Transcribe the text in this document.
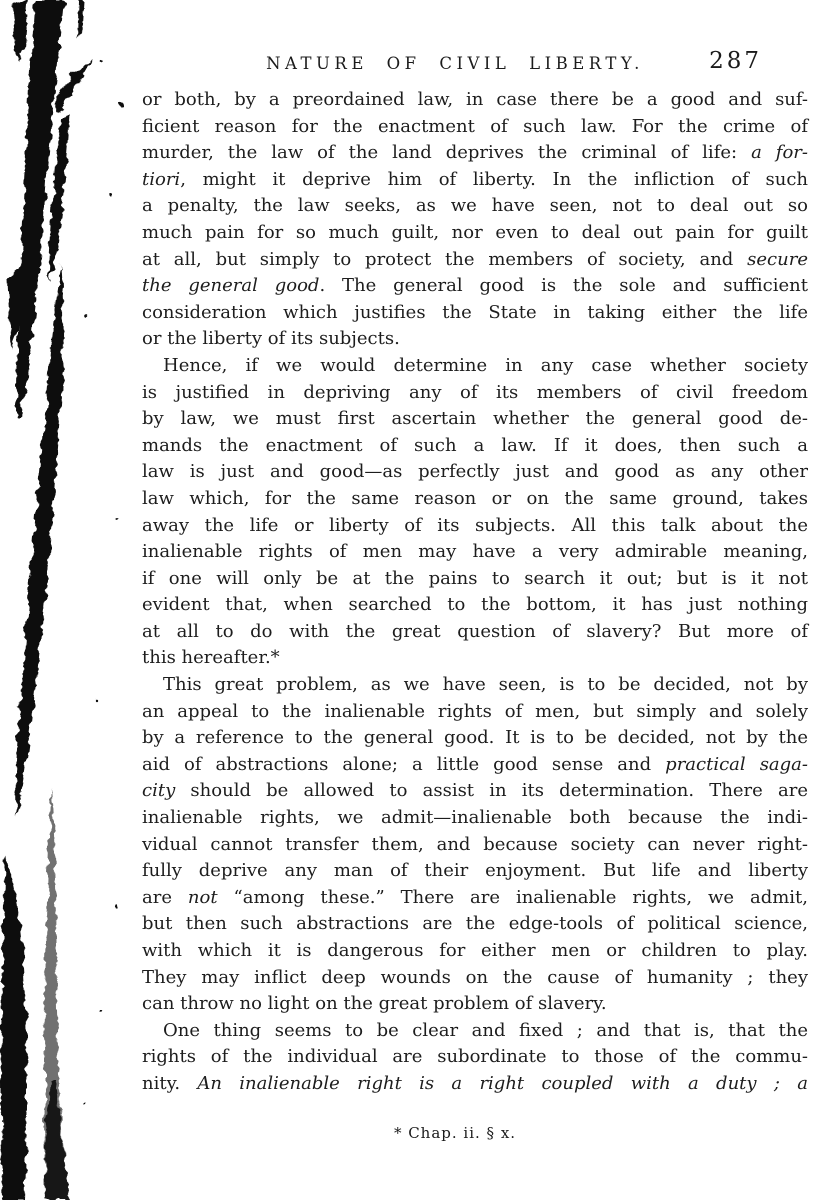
NATURE OF CIVIL LIBERTY.	287
or both, by a preordained law, in case there be a good and suf-
ficient reason for the enactment of such law. For the crime of
murder, the law of the land deprives the criminal of life: a for-
tiori, might it deprive him of liberty. In the infliction of such
a penalty, the law seeks, as we have seen, not to deal out so
much pain for so much guilt, nor even to deal out pain for guilt
at all, but simply to protect the members of society, and secure
the general good. The general good is the sole and sufficient
consideration which justifies the State in taking either the life
or the liberty of its subjects.
Hence, if we would determine in any case whether society
is justified in depriving any of its members of civil freedom
by law, we must first ascertain whether the general good de-
mands the enactment of such a law. If it does, then such a
law is just and good—as perfectly just and good as any other
law which, for the same reason or on the same ground, takes
away the life or liberty of its subjects. All this talk about the
inalienable rights of men may have a very admirable meaning,
if one will only be at the pains to search it out; but is it not
evident that, when searched to the bottom, it has just nothing
at all to do with the great question of slavery? But more of
this hereafter.*
This great problem, as we have seen, is to be decided, not by
an appeal to the inalienable rights of men, but simply and solely
by a reference to the general good. It is to be decided, not by the
aid of abstractions alone; a little good sense and practical saga-
city should be allowed to assist in its determination. There are
inalienable rights, we admit—inalienable both because the indi-
vidual cannot transfer them, and because society can never right-
fully deprive any man of their enjoyment. But life and liberty
are not “among these.” There are inalienable rights, we admit,
but then such abstractions are the edge-tools of political science,
with which it is dangerous for either men or children to play.
They may inflict deep wounds on the cause of humanity ; they
can throw no light on the great problem of slavery.
One thing seems to be clear and fixed ; and that is, that the
rights of the individual are subordinate to those of the commu-
nity. An inalienable right is a right coupled with a duty ; a
* Chap. ii. § x.
